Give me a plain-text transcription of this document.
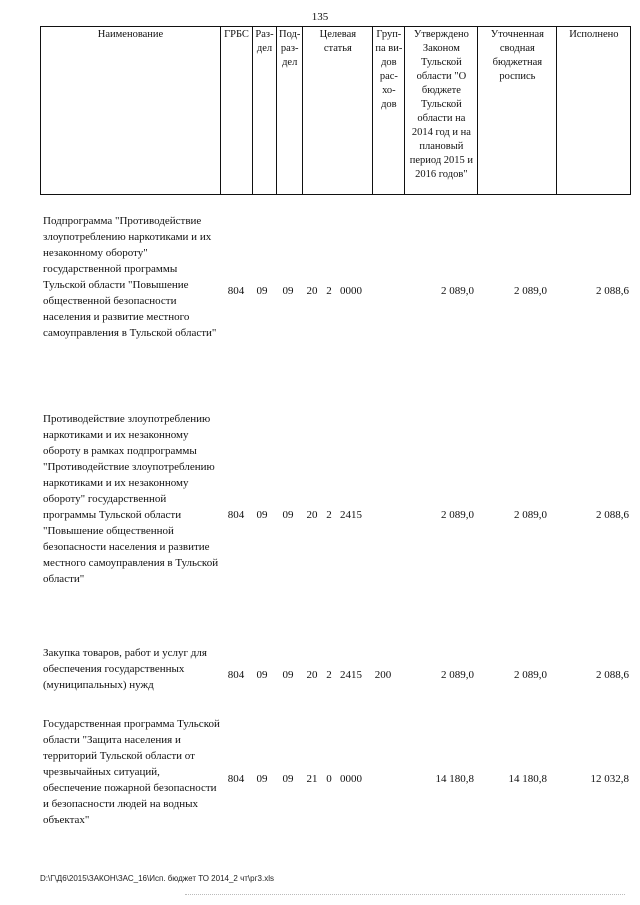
135
Наименование	ГРБС	Раз-дел	Под-раз-дел	Целевая статья	Груп-па ви-дов рас-хо-дов	Утверждено Законом Тульской области "О бюджете Тульской области на 2014 год и на плановый период 2015 и 2016 годов"	Уточненная сводная бюджетная роспись	Исполнено
Подпрограмма "Противодействие злоупотреблению наркотиками и их незаконному обороту" государственной программы Тульской области "Повышение общественной безопасности населения и развитие местного самоуправления в Тульской области"
804	09	09	20 2 0000	2 089,0	2 089,0	2 088,6
Противодействие злоупотреблению наркотиками и их незаконному обороту в рамках подпрограммы "Противодействие злоупотреблению наркотиками и их незаконному обороту" государственной программы Тульской области "Повышение общественной безопасности населения и развитие местного самоуправления в Тульской области"
804	09	09	20 2 2415	2 089,0	2 089,0	2 088,6
Закупка товаров, работ и услуг для обеспечения государственных (муниципальных) нужд
804	09	09	20 2 2415	200	2 089,0	2 089,0	2 088,6
Государственная программа Тульской области "Защита населения и территорий Тульской области от чрезвычайных ситуаций, обеспечение пожарной безопасности и безопасности людей на водных объектах"
804	09	09	21 0 0000	14 180,8	14 180,8	12 032,8
D:\Г\Д6\2015\ЗАКОН\ЗАС_16\Исп. бюджет ТО 2014_2 чт\рг3.xls
